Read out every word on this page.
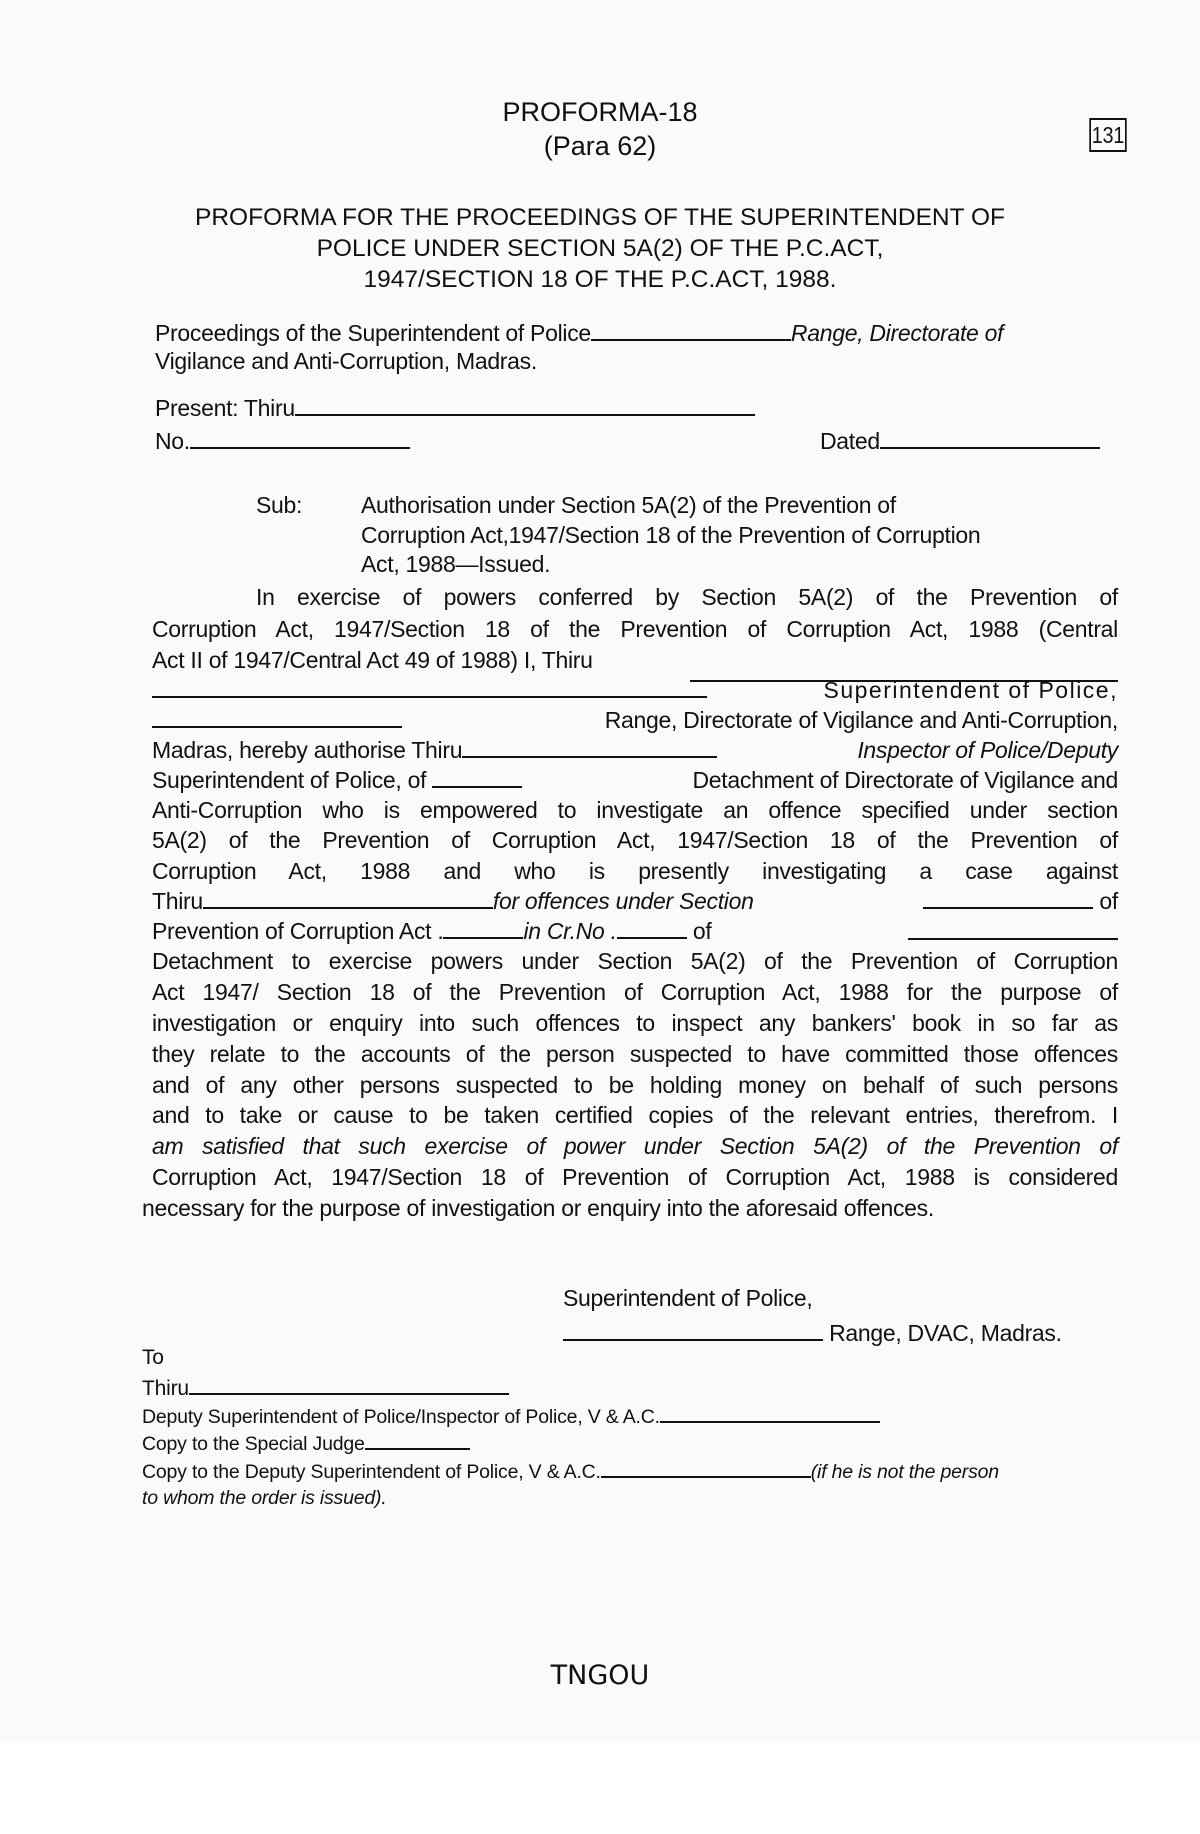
131
PROFORMA-18
(Para 62)
PROFORMA FOR THE PROCEEDINGS OF THE SUPERINTENDENT OF
POLICE UNDER SECTION 5A(2) OF THE P.C.ACT,
1947/SECTION 18 OF THE P.C.ACT, 1988.
Proceedings of the Superintendent of Police	Range, Directorate of
Vigilance and Anti-Corruption, Madras.
Present: Thiru
No.	Dated
Sub:	Authorisation under Section 5A(2) of the Prevention of
Corruption Act,1947/Section 18 of the Prevention of Corruption
Act, 1988—Issued.
In exercise of powers conferred by Section 5A(2) of the Prevention of
Corruption Act, 1947/Section 18 of the Prevention of Corruption Act, 1988 (Central
Act II of 1947/Central Act 49 of 1988) I, Thiru
Superintendent of Police,
Range, Directorate of Vigilance and Anti-Corruption,
Madras, hereby authorise Thiru	Inspector of Police/Deputy
Superintendent of Police, of	Detachment of Directorate of Vigilance and
Anti-Corruption who is empowered to investigate an offence specified under section
5A(2) of the Prevention of Corruption Act, 1947/Section 18 of the Prevention of
Corruption Act, 1988 and who is presently investigating a case against
Thiru	for offences under Section	of
Prevention of Corruption Act .	in Cr.No .	of
Detachment to exercise powers under Section 5A(2) of the Prevention of Corruption
Act 1947/ Section 18 of the Prevention of Corruption Act, 1988 for the purpose of
investigation or enquiry into such offences to inspect any bankers' book in so far as
they relate to the accounts of the person suspected to have committed those offences
and of any other persons suspected to be holding money on behalf of such persons
and to take or cause to be taken certified copies of the relevant entries, therefrom. I
am satisfied that such exercise of power under Section 5A(2) of the Prevention of
Corruption Act, 1947/Section 18 of Prevention of Corruption Act, 1988 is considered
necessary for the purpose of investigation or enquiry into the aforesaid offences.
Superintendent of Police,
Range, DVAC, Madras.
To
Thiru
Deputy Superintendent of Police/Inspector of Police, V & A.C.
Copy to the Special Judge
Copy to the Deputy Superintendent of Police, V & A.C.	(if he is not the person
to whom the order is issued).
TNGOU
